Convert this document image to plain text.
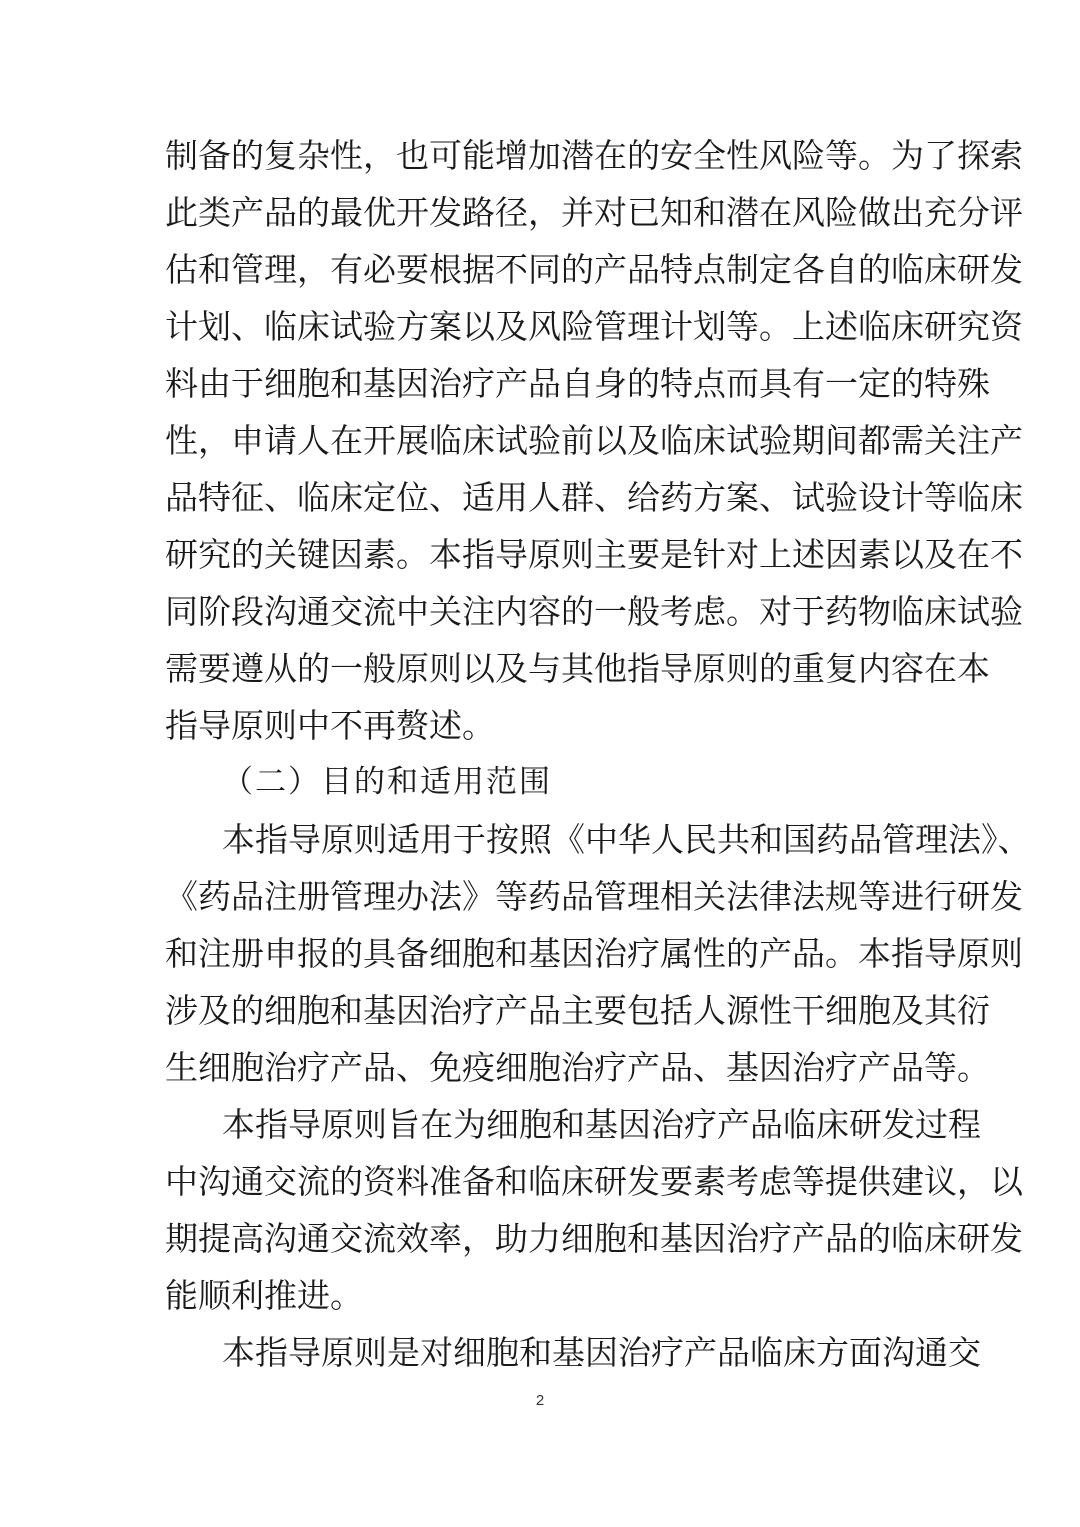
制备的复杂性，也可能增加潜在的安全性风险等。为了探索
此类产品的最优开发路径，并对已知和潜在风险做出充分评
估和管理，有必要根据不同的产品特点制定各自的临床研发
计划、临床试验方案以及风险管理计划等。上述临床研究资
料由于细胞和基因治疗产品自身的特点而具有一定的特殊
性，申请人在开展临床试验前以及临床试验期间都需关注产
品特征、临床定位、适用人群、给药方案、试验设计等临床
研究的关键因素。本指导原则主要是针对上述因素以及在不
同阶段沟通交流中关注内容的一般考虑。对于药物临床试验
需要遵从的一般原则以及与其他指导原则的重复内容在本
指导原则中不再赘述。
（二）目的和适用范围
本指导原则适用于按照《中华人民共和国药品管理法》、
《药品注册管理办法》等药品管理相关法律法规等进行研发
和注册申报的具备细胞和基因治疗属性的产品。本指导原则
涉及的细胞和基因治疗产品主要包括人源性干细胞及其衍
生细胞治疗产品、免疫细胞治疗产品、基因治疗产品等。
本指导原则旨在为细胞和基因治疗产品临床研发过程
中沟通交流的资料准备和临床研发要素考虑等提供建议，以
期提高沟通交流效率，助力细胞和基因治疗产品的临床研发
能顺利推进。
本指导原则是对细胞和基因治疗产品临床方面沟通交
2
